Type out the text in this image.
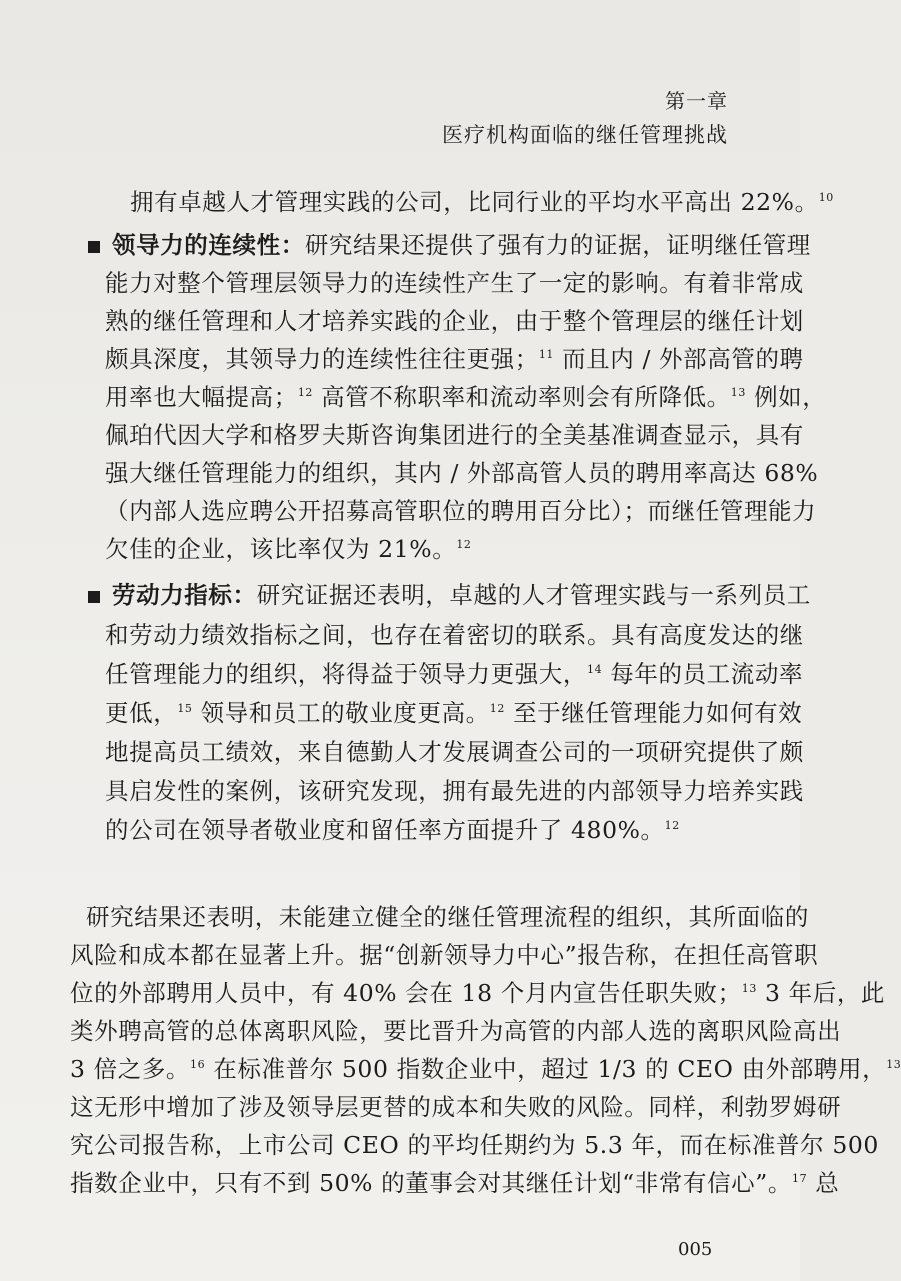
第一章
医疗机构面临的继任管理挑战
拥有卓越人才管理实践的公司，比同行业的平均水平高出 22%。$^{10}$
领导力的连续性：研究结果还提供了强有力的证据，证明继任管理
能力对整个管理层领导力的连续性产生了一定的影响。有着非常成
熟的继任管理和人才培养实践的企业，由于整个管理层的继任计划
颇具深度，其领导力的连续性往往更强；$^{11}$ 而且内 / 外部高管的聘
用率也大幅提高；$^{12}$ 高管不称职率和流动率则会有所降低。$^{13}$ 例如，
佩珀代因大学和格罗夫斯咨询集团进行的全美基准调查显示，具有
强大继任管理能力的组织，其内 / 外部高管人员的聘用率高达 68%
（内部人选应聘公开招募高管职位的聘用百分比）；而继任管理能力
欠佳的企业，该比率仅为 21%。$^{12}$
劳动力指标：研究证据还表明，卓越的人才管理实践与一系列员工
和劳动力绩效指标之间，也存在着密切的联系。具有高度发达的继
任管理能力的组织，将得益于领导力更强大，$^{14}$ 每年的员工流动率
更低，$^{15}$ 领导和员工的敬业度更高。$^{12}$ 至于继任管理能力如何有效
地提高员工绩效，来自德勤人才发展调查公司的一项研究提供了颇
具启发性的案例，该研究发现，拥有最先进的内部领导力培养实践
的公司在领导者敬业度和留任率方面提升了 480%。$^{12}$
研究结果还表明，未能建立健全的继任管理流程的组织，其所面临的
风险和成本都在显著上升。据“创新领导力中心”报告称，在担任高管职
位的外部聘用人员中，有 40% 会在 18 个月内宣告任职失败；$^{13}$ 3 年后，此
类外聘高管的总体离职风险，要比晋升为高管的内部人选的离职风险高出
3 倍之多。$^{16}$ 在标准普尔 500 指数企业中，超过 1/3 的 CEO 由外部聘用，$^{13}$
这无形中增加了涉及领导层更替的成本和失败的风险。同样，利勃罗姆研
究公司报告称，上市公司 CEO 的平均任期约为 5.3 年，而在标准普尔 500
指数企业中，只有不到 50% 的董事会对其继任计划“非常有信心”。$^{17}$ 总
005
